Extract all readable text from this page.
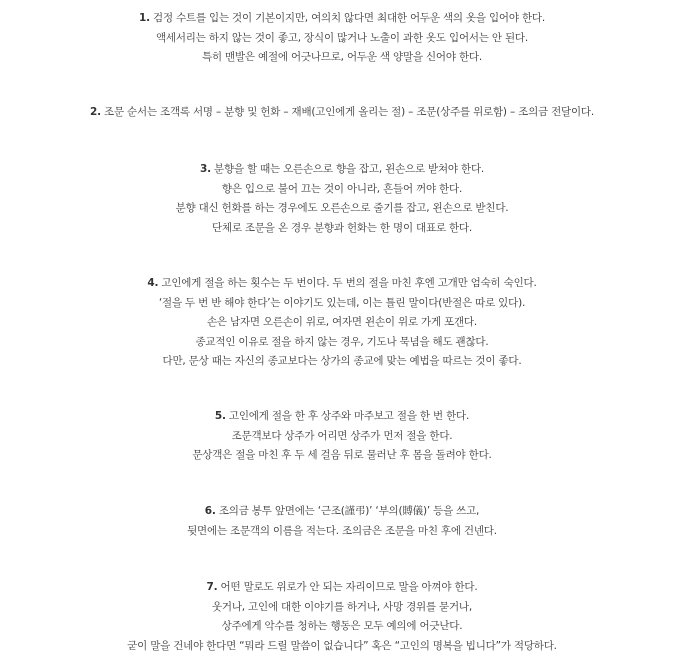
1. 검정 수트를 입는 것이 기본이지만, 여의치 않다면 최대한 어두운 색의 옷을 입어야 한다.
액세서리는 하지 않는 것이 좋고, 장식이 많거나 노출이 과한 옷도 입어서는 안 된다.
특히 맨발은 예절에 어긋나므로, 어두운 색 양말을 신어야 한다.
2. 조문 순서는 조객록 서명 – 분향 및 헌화 – 재배(고인에게 올리는 절) – 조문(상주를 위로함) – 조의금 전달이다.
3. 분향을 할 때는 오른손으로 향을 잡고, 왼손으로 받쳐야 한다.
향은 입으로 불어 끄는 것이 아니라, 흔들어 꺼야 한다.
분향 대신 헌화를 하는 경우에도 오른손으로 줄기를 잡고, 왼손으로 받친다.
단체로 조문을 온 경우 분향과 헌화는 한 명이 대표로 한다.
4. 고인에게 절을 하는 횟수는 두 번이다. 두 번의 절을 마친 후엔 고개만 엄숙히 숙인다.
‘절을 두 번 반 해야 한다’는 이야기도 있는데, 이는 틀린 말이다(반절은 따로 있다).
손은 남자면 오른손이 위로, 여자면 왼손이 위로 가게 포갠다.
종교적인 이유로 절을 하지 않는 경우, 기도나 묵념을 해도 괜찮다.
다만, 문상 때는 자신의 종교보다는 상가의 종교에 맞는 예법을 따르는 것이 좋다.
5. 고인에게 절을 한 후 상주와 마주보고 절을 한 번 한다.
조문객보다 상주가 어리면 상주가 먼저 절을 한다.
문상객은 절을 마친 후 두 세 걸음 뒤로 물러난 후 몸을 돌려야 한다.
6. 조의금 봉투 앞면에는 ‘근조(謹弔)’ ‘부의(賻儀)’ 등을 쓰고,
뒷면에는 조문객의 이름을 적는다. 조의금은 조문을 마친 후에 건넨다.
7. 어떤 말로도 위로가 안 되는 자리이므로 말을 아껴야 한다.
웃거나, 고인에 대한 이야기를 하거나, 사망 경위를 묻거나,
상주에게 악수를 청하는 행동은 모두 예의에 어긋난다.
굳이 말을 건네야 한다면 “뭐라 드릴 말씀이 없습니다” 혹은 “고인의 명복을 빕니다”가 적당하다.
